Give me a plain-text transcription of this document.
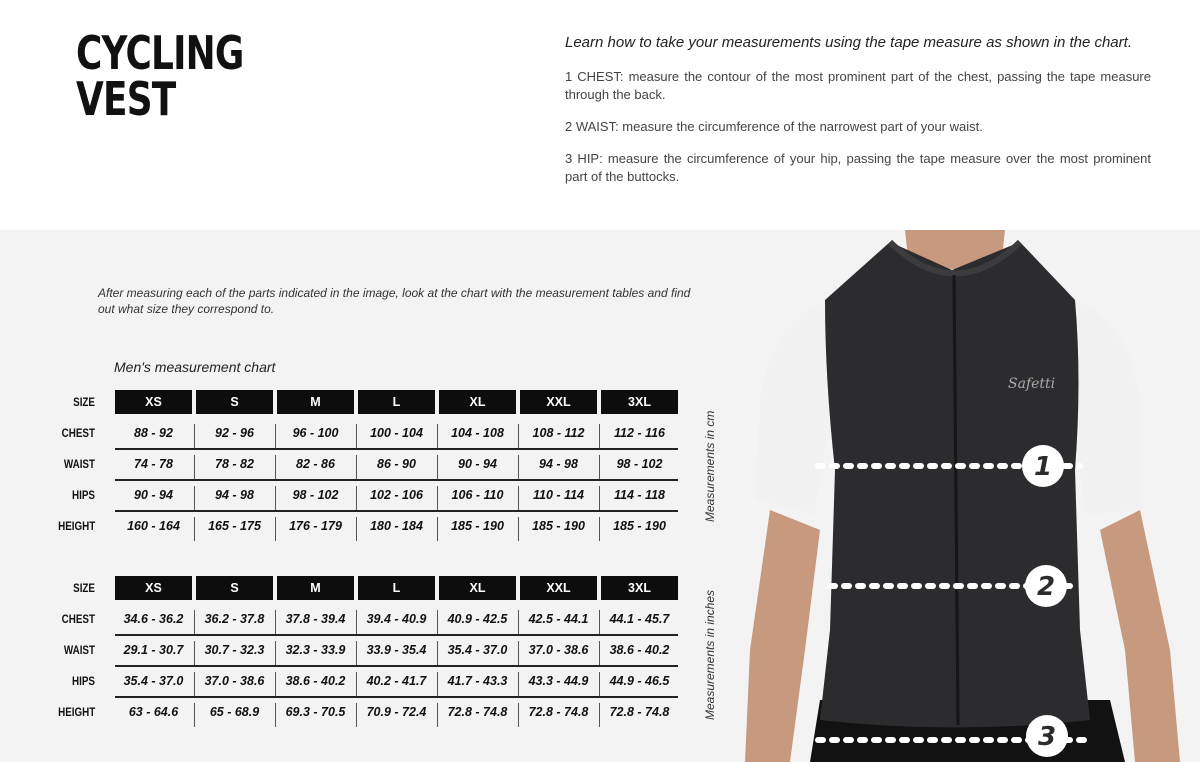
CYCLING
VEST

Learn how to take your measurements using the tape measure as shown in the chart.

1 CHEST: measure the contour of the most prominent part of the chest, passing the tape measure through the back.

2 WAIST: measure the circumference of the narrowest part of your waist.

3 HIP: measure the circumference of your hip, passing the tape measure over the most prominent part of the buttocks.

After measuring each of the parts indicated in the image, look at the chart with the measurement tables and find out what size they correspond to.

Men's measurement chart

SIZE	XS	S	M	L	XL	XXL	3XL
CHEST	88 - 92	92 - 96	96 - 100	100 - 104	104 - 108	108 - 112	112 - 116
WAIST	74 - 78	78 - 82	82 - 86	86 - 90	90 - 94	94 - 98	98 - 102
HIPS	90 - 94	94 - 98	98 - 102	102 - 106	106 - 110	110 - 114	114 - 118
HEIGHT	160 - 164	165 - 175	176 - 179	180 - 184	185 - 190	185 - 190	185 - 190
SIZE	XS	S	M	L	XL	XXL	3XL
CHEST	34.6 - 36.2	36.2 - 37.8	37.8 - 39.4	39.4 - 40.9	40.9 - 42.5	42.5 - 44.1	44.1 - 45.7
WAIST	29.1 - 30.7	30.7 - 32.3	32.3 - 33.9	33.9 - 35.4	35.4 - 37.0	37.0 - 38.6	38.6 - 40.2
HIPS	35.4 - 37.0	37.0 - 38.6	38.6 - 40.2	40.2 - 41.7	41.7 - 43.3	43.3 - 44.9	44.9 - 46.5
HEIGHT	63 - 64.6	65 - 68.9	69.3 - 70.5	70.9 - 72.4	72.8 - 74.8	72.8 - 74.8	72.8 - 74.8
Measurements in cm
Measurements in inches
Safetti
1
2
3
